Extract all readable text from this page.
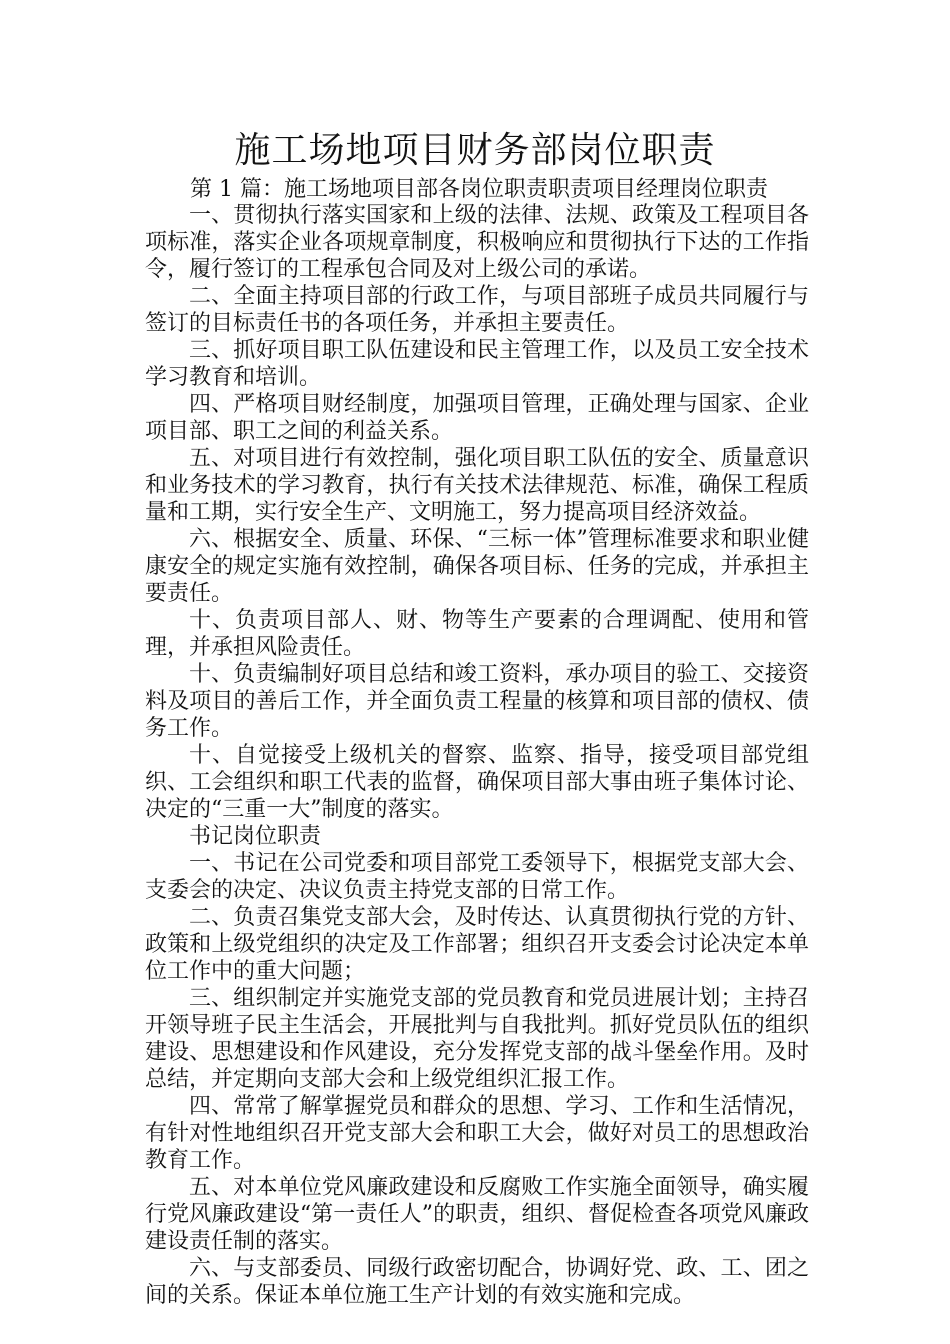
施工场地项目财务部岗位职责
第 1 篇：施工场地项目部各岗位职责职责项目经理岗位职责

一、贯彻执行落实国家和上级的法律、法规、政策及工程项目各项标准，落实企业各项规章制度，积极响应和贯彻执行下达的工作指令，履行签订的工程承包合同及对上级公司的承诺。

二、全面主持项目部的行政工作，与项目部班子成员共同履行与签订的目标责任书的各项任务，并承担主要责任。

三、抓好项目职工队伍建设和民主管理工作，以及员工安全技术学习教育和培训。

四、严格项目财经制度，加强项目管理，正确处理与国家、企业项目部、职工之间的利益关系。

五、对项目进行有效控制，强化项目职工队伍的安全、质量意识和业务技术的学习教育，执行有关技术法律规范、标准，确保工程质量和工期，实行安全生产、文明施工，努力提高项目经济效益。

六、根据安全、质量、环保、“三标一体”管理标准要求和职业健康安全的规定实施有效控制，确保各项目标、任务的完成，并承担主要责任。

十、负责项目部人、财、物等生产要素的合理调配、使用和管理，并承担风险责任。

十、负责编制好项目总结和竣工资料，承办项目的验工、交接资料及项目的善后工作，并全面负责工程量的核算和项目部的债权、债务工作。

十、自觉接受上级机关的督察、监察、指导，接受项目部党组织、工会组织和职工代表的监督，确保项目部大事由班子集体讨论、决定的“三重一大”制度的落实。

书记岗位职责

一、书记在公司党委和项目部党工委领导下，根据党支部大会、支委会的决定、决议负责主持党支部的日常工作。

二、负责召集党支部大会，及时传达、认真贯彻执行党的方针、政策和上级党组织的决定及工作部署；组织召开支委会讨论决定本单位工作中的重大问题；

三、组织制定并实施党支部的党员教育和党员进展计划；主持召开领导班子民主生活会，开展批判与自我批判。抓好党员队伍的组织建设、思想建设和作风建设，充分发挥党支部的战斗堡垒作用。及时总结，并定期向支部大会和上级党组织汇报工作。

四、常常了解掌握党员和群众的思想、学习、工作和生活情况，有针对性地组织召开党支部大会和职工大会，做好对员工的思想政治教育工作。

五、对本单位党风廉政建设和反腐败工作实施全面领导，确实履行党风廉政建设“第一责任人”的职责，组织、督促检查各项党风廉政建设责任制的落实。

六、与支部委员、同级行政密切配合，协调好党、政、工、团之间的关系。保证本单位施工生产计划的有效实施和完成。
